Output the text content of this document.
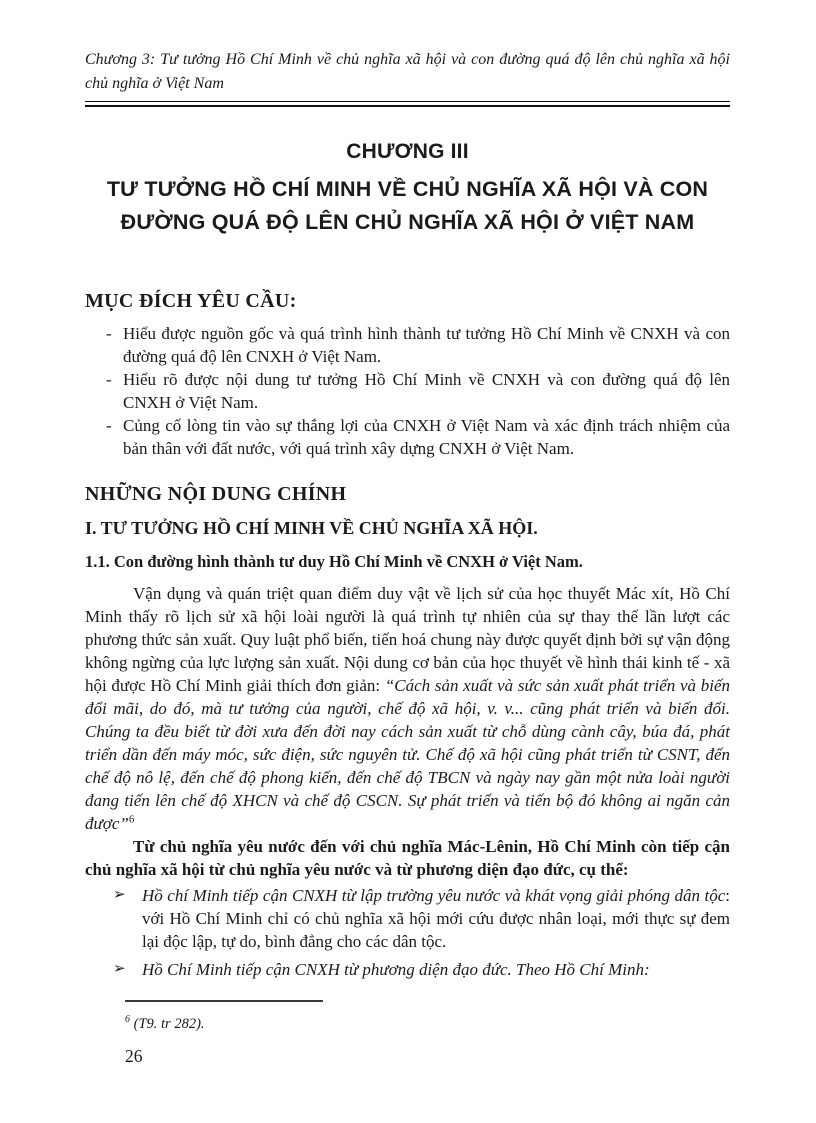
Chương 3: Tư tưởng Hồ Chí Minh về chủ nghĩa xã hội và con đường quá độ lên chủ nghĩa xã hội chủ nghĩa ở Việt Nam
CHƯƠNG III
TƯ TƯỞNG HỒ CHÍ MINH VỀ CHỦ NGHĨA XÃ HỘI VÀ CON ĐƯỜNG QUÁ ĐỘ LÊN CHỦ NGHĨA XÃ HỘI Ở VIỆT NAM
MỤC ĐÍCH YÊU CẦU:
- Hiểu được nguồn gốc và quá trình hình thành tư tưởng Hồ Chí Minh về CNXH và con đường quá độ lên CNXH ở Việt Nam.
- Hiểu rõ được nội dung tư tưởng Hồ Chí Minh về CNXH và con đường quá độ lên CNXH ở Việt Nam.
- Củng cố lòng tin vào sự thắng lợi của CNXH ở Việt Nam và xác định trách nhiệm của bản thân với đất nước, với quá trình xây dựng CNXH ở Việt Nam.
NHỮNG NỘI DUNG CHÍNH
I. TƯ TƯỞNG HỒ CHÍ MINH VỀ CHỦ NGHĨA XÃ HỘI.
1.1. Con đường hình thành tư duy Hồ Chí Minh về CNXH ở Việt Nam.
Vận dụng và quán triệt quan điểm duy vật về lịch sử của học thuyết Mác xít, Hồ Chí Minh thấy rõ lịch sử xã hội loài người là quá trình tự nhiên của sự thay thế lần lượt các phương thức sản xuất. Quy luật phổ biến, tiến hoá chung này được quyết định bởi sự vận động không ngừng của lực lượng sản xuất. Nội dung cơ bản của học thuyết về hình thái kinh tế - xã hội được Hồ Chí Minh giải thích đơn giản: “Cách sản xuất và sức sản xuất phát triển và biến đổi mãi, do đó, mà tư tưởng của người, chế độ xã hội, v. v... cũng phát triển và biến đổi. Chúng ta đều biết từ đời xưa đến đời nay cách sản xuất từ chỗ dùng cành cây, búa đá, phát triển dần đến máy móc, sức điện, sức nguyên tử. Chế độ xã hội cũng phát triển từ CSNT, đến chế độ nô lệ, đến chế độ phong kiến, đến chế độ TBCN và ngày nay gần một nửa loài người đang tiến lên chế độ XHCN và chế độ CSCN. Sự phát triển và tiến bộ đó không ai ngăn cản được”$^6$
Từ chủ nghĩa yêu nước đến với chủ nghĩa Mác-Lênin, Hồ Chí Minh còn tiếp cận chủ nghĩa xã hội từ chủ nghĩa yêu nước và từ phương diện đạo đức, cụ thể:
➢ Hồ chí Minh tiếp cận CNXH từ lập trường yêu nước và khát vọng giải phóng dân tộc: với Hồ Chí Minh chỉ có chủ nghĩa xã hội mới cứu được nhân loại, mới thực sự đem lại độc lập, tự do, bình đẳng cho các dân tộc.
➢ Hồ Chí Minh tiếp cận CNXH từ phương diện đạo đức. Theo Hồ Chí Minh:
$^6$ (T9. tr 282).
26
